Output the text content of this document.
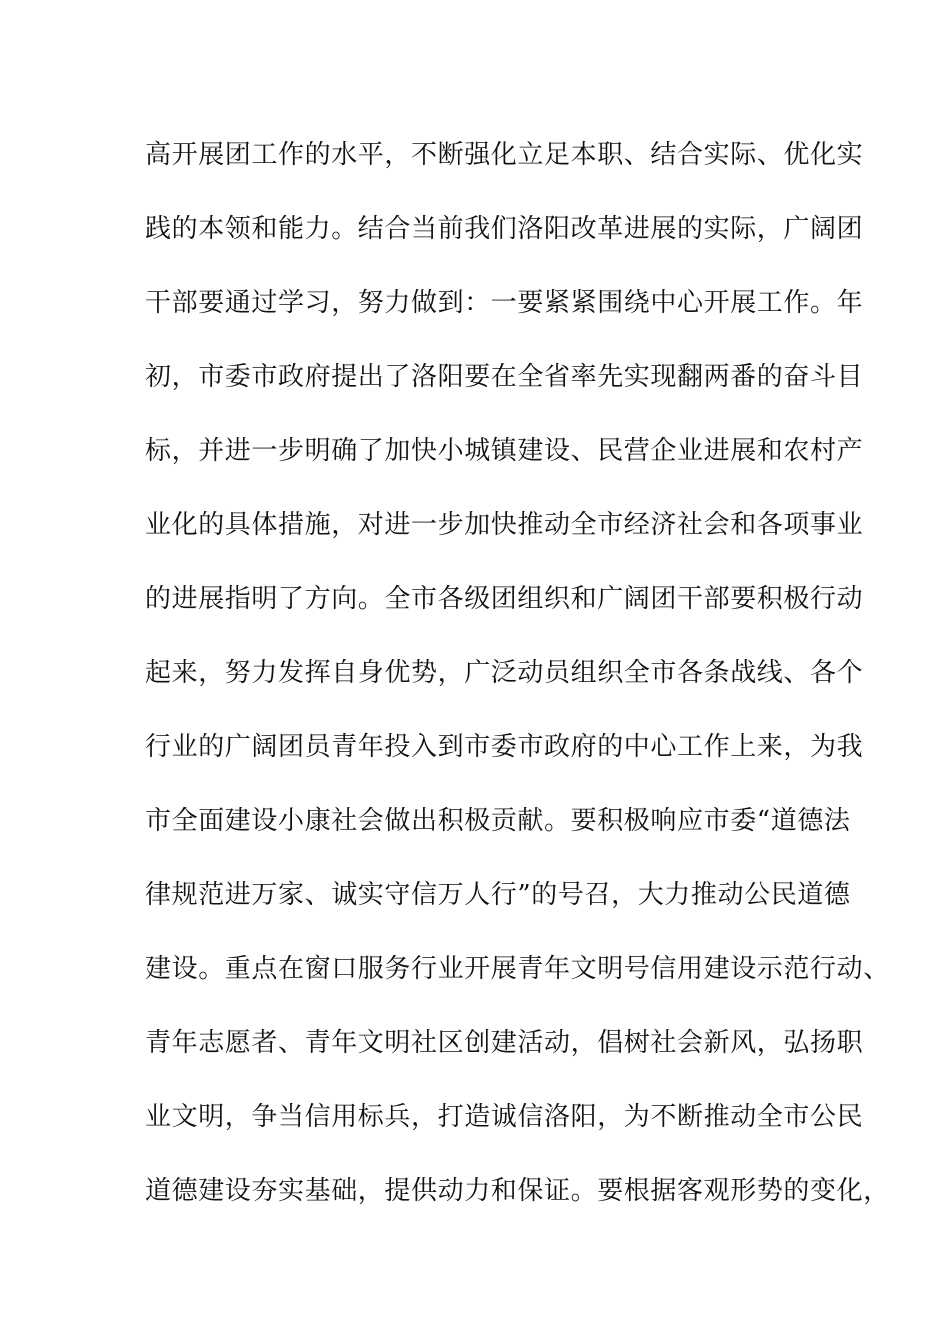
高开展团工作的水平，不断强化立足本职、结合实际、优化实
践的本领和能力。结合当前我们洛阳改革进展的实际，广阔团
干部要通过学习，努力做到：一要紧紧围绕中心开展工作。年
初，市委市政府提出了洛阳要在全省率先实现翻两番的奋斗目
标，并进一步明确了加快小城镇建设、民营企业进展和农村产
业化的具体措施，对进一步加快推动全市经济社会和各项事业
的进展指明了方向。全市各级团组织和广阔团干部要积极行动
起来，努力发挥自身优势，广泛动员组织全市各条战线、各个
行业的广阔团员青年投入到市委市政府的中心工作上来，为我
市全面建设小康社会做出积极贡献。要积极响应市委“道德法
律规范进万家、诚实守信万人行”的号召，大力推动公民道德
建设。重点在窗口服务行业开展青年文明号信用建设示范行动、
青年志愿者、青年文明社区创建活动，倡树社会新风，弘扬职
业文明，争当信用标兵，打造诚信洛阳，为不断推动全市公民
道德建设夯实基础，提供动力和保证。要根据客观形势的变化，
